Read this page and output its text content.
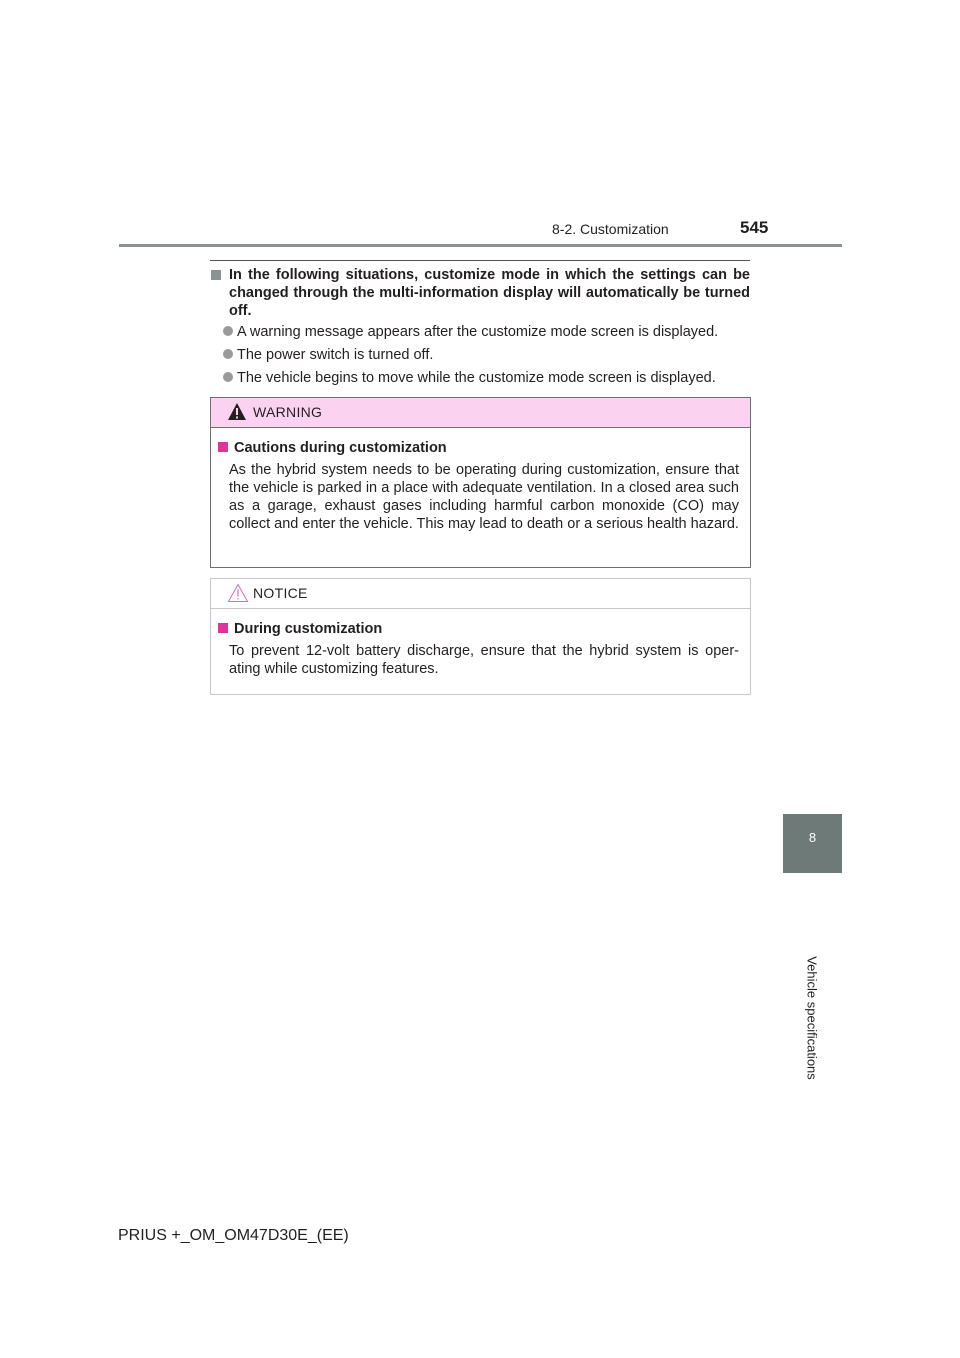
8-2. Customization	545
8
Vehicle specifications
In the following situations, customize mode in which the settings can be changed through the multi-information display will automatically be turned off.
A warning message appears after the customize mode screen is displayed.
The power switch is turned off.
The vehicle begins to move while the customize mode screen is displayed.
WARNING
Cautions during customization
As the hybrid system needs to be operating during customization, ensure that the vehicle is parked in a place with adequate ventilation. In a closed area such as a garage, exhaust gases including harmful carbon monoxide (CO) may collect and enter the vehicle. This may lead to death or a serious health hazard.
NOTICE
During customization
To prevent 12-volt battery discharge, ensure that the hybrid system is oper-ating while customizing features.
PRIUS +_OM_OM47D30E_(EE)
